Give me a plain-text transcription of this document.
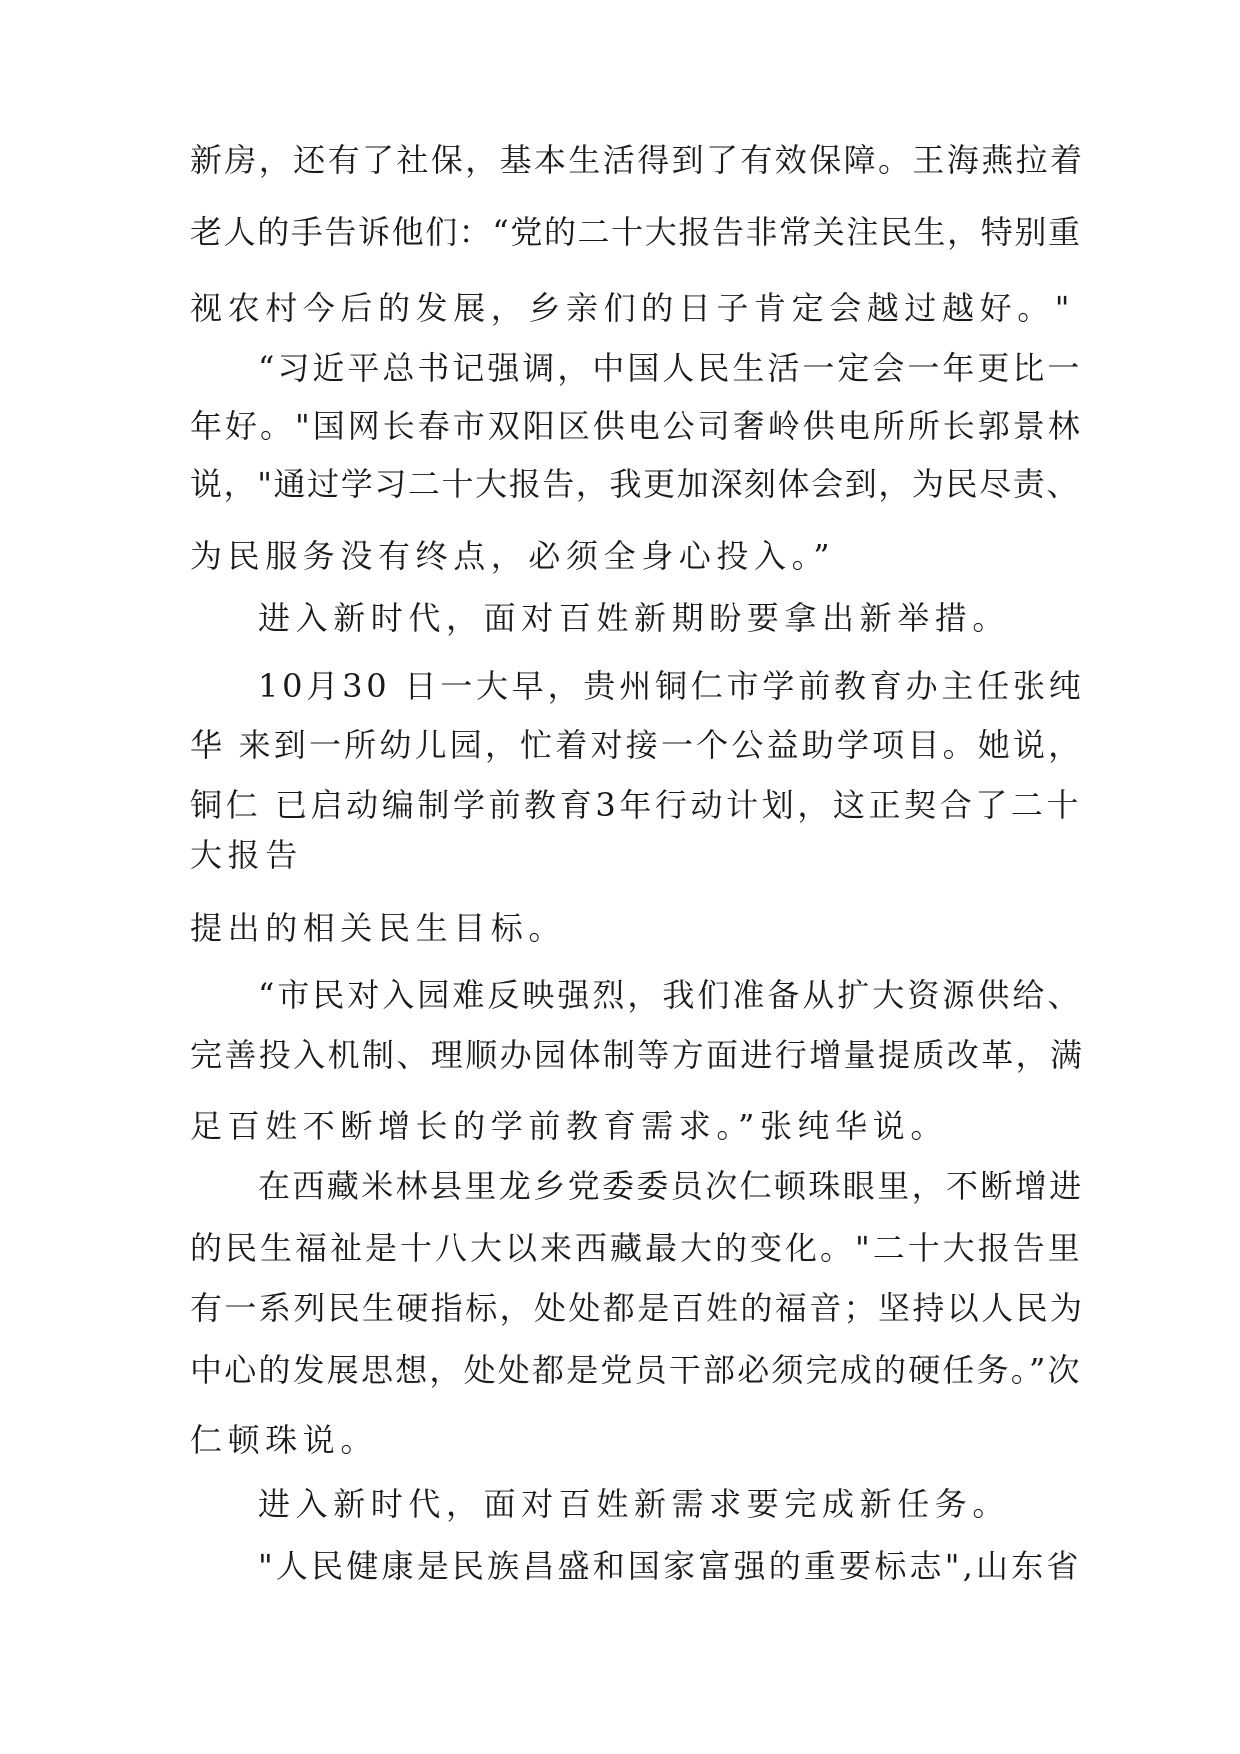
新房，还有了社保，基本生活得到了有效保障。王海燕拉着

老人的手告诉他们：“党的二十大报告非常关注民生，特别重

视农村今后的发展，乡亲们的日子肯定会越过越好。"

“习近平总书记强调，中国人民生活一定会一年更比一

年好。"国网长春市双阳区供电公司奢岭供电所所长郭景林

说，"通过学习二十大报告，我更加深刻体会到，为民尽责、

为民服务没有终点，必须全身心投入。”

进入新时代，面对百姓新期盼要拿出新举措。

10月30 日一大早，贵州铜仁市学前教育办主任张纯

华 来到一所幼儿园，忙着对接一个公益助学项目。她说，

铜仁 已启动编制学前教育3年行动计划，这正契合了二十

大报告

提出的相关民生目标。

“市民对入园难反映强烈，我们准备从扩大资源供给、

完善投入机制、理顺办园体制等方面进行增量提质改革，满

足百姓不断增长的学前教育需求。”张纯华说。

在西藏米林县里龙乡党委委员次仁顿珠眼里，不断增进

的民生福祉是十八大以来西藏最大的变化。"二十大报告里

有一系列民生硬指标，处处都是百姓的福音；坚持以人民为

中心的发展思想，处处都是党员干部必须完成的硬任务。”次

仁顿珠说。

进入新时代，面对百姓新需求要完成新任务。

"人民健康是民族昌盛和国家富强的重要标志",山东省
